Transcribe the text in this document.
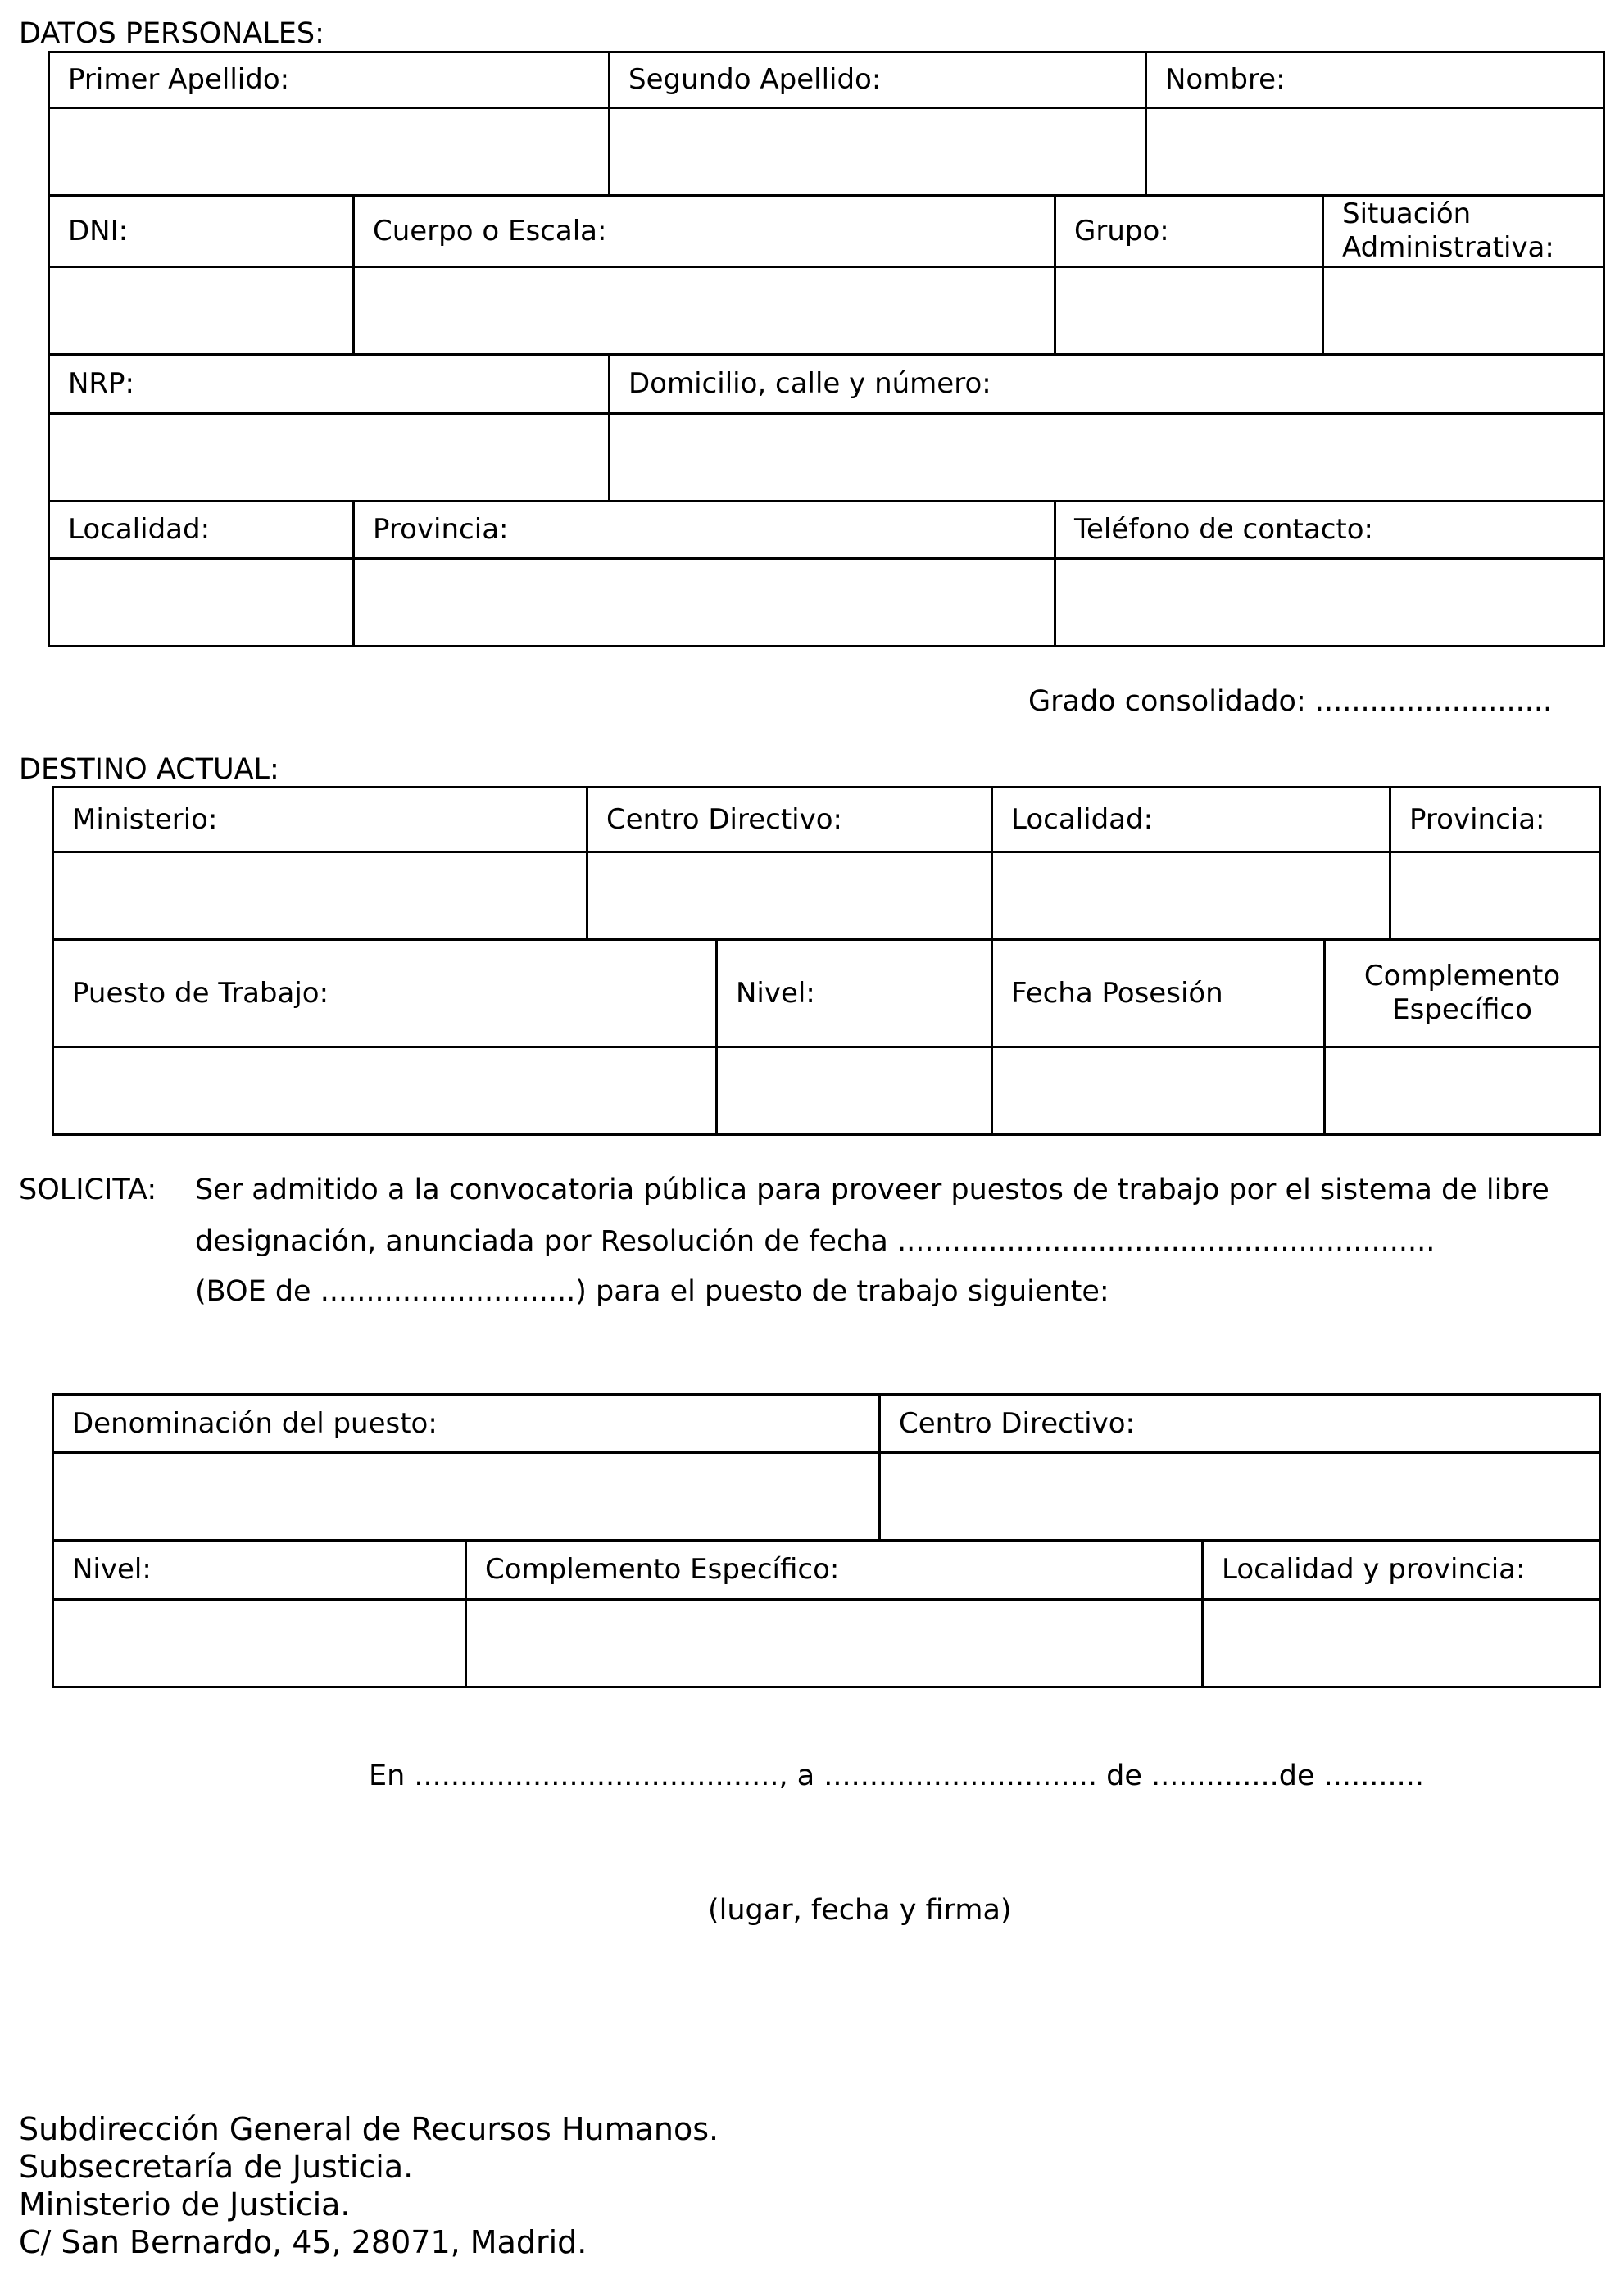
DATOS PERSONALES:
Primer Apellido:		Segundo Apellido:		Nombre:	

DNI:	Cuerpo o Escala:		Grupo:		Situación
Administrativa:

NRP:		Domicilio, calle y número:			

Localidad:	Provincia:		Teléfono de contacto:		

Grado consolidado: ..........................
DESTINO ACTUAL:
Ministerio:	Centro Directivo:	Localidad:	Provincia:

Puesto de Trabajo:	Nivel:	Fecha Posesión	Complemento
Específico

SOLICITA: Ser admitido a la convocatoria pública para proveer puestos de trabajo por el sistema de libre
designación, anunciada por Resolución de fecha ...........................................................
(BOE de ............................) para el puesto de trabajo siguiente:
Denominación del puesto:		Centro Directivo:	

Nivel:	Complemento Específico:		Localidad y provincia:

En ........................................, a .............................. de ..............de ...........
(lugar, fecha y firma)
Subdirección General de Recursos Humanos.
Subsecretaría de Justicia.
Ministerio de Justicia.
C/ San Bernardo, 45, 28071, Madrid.
